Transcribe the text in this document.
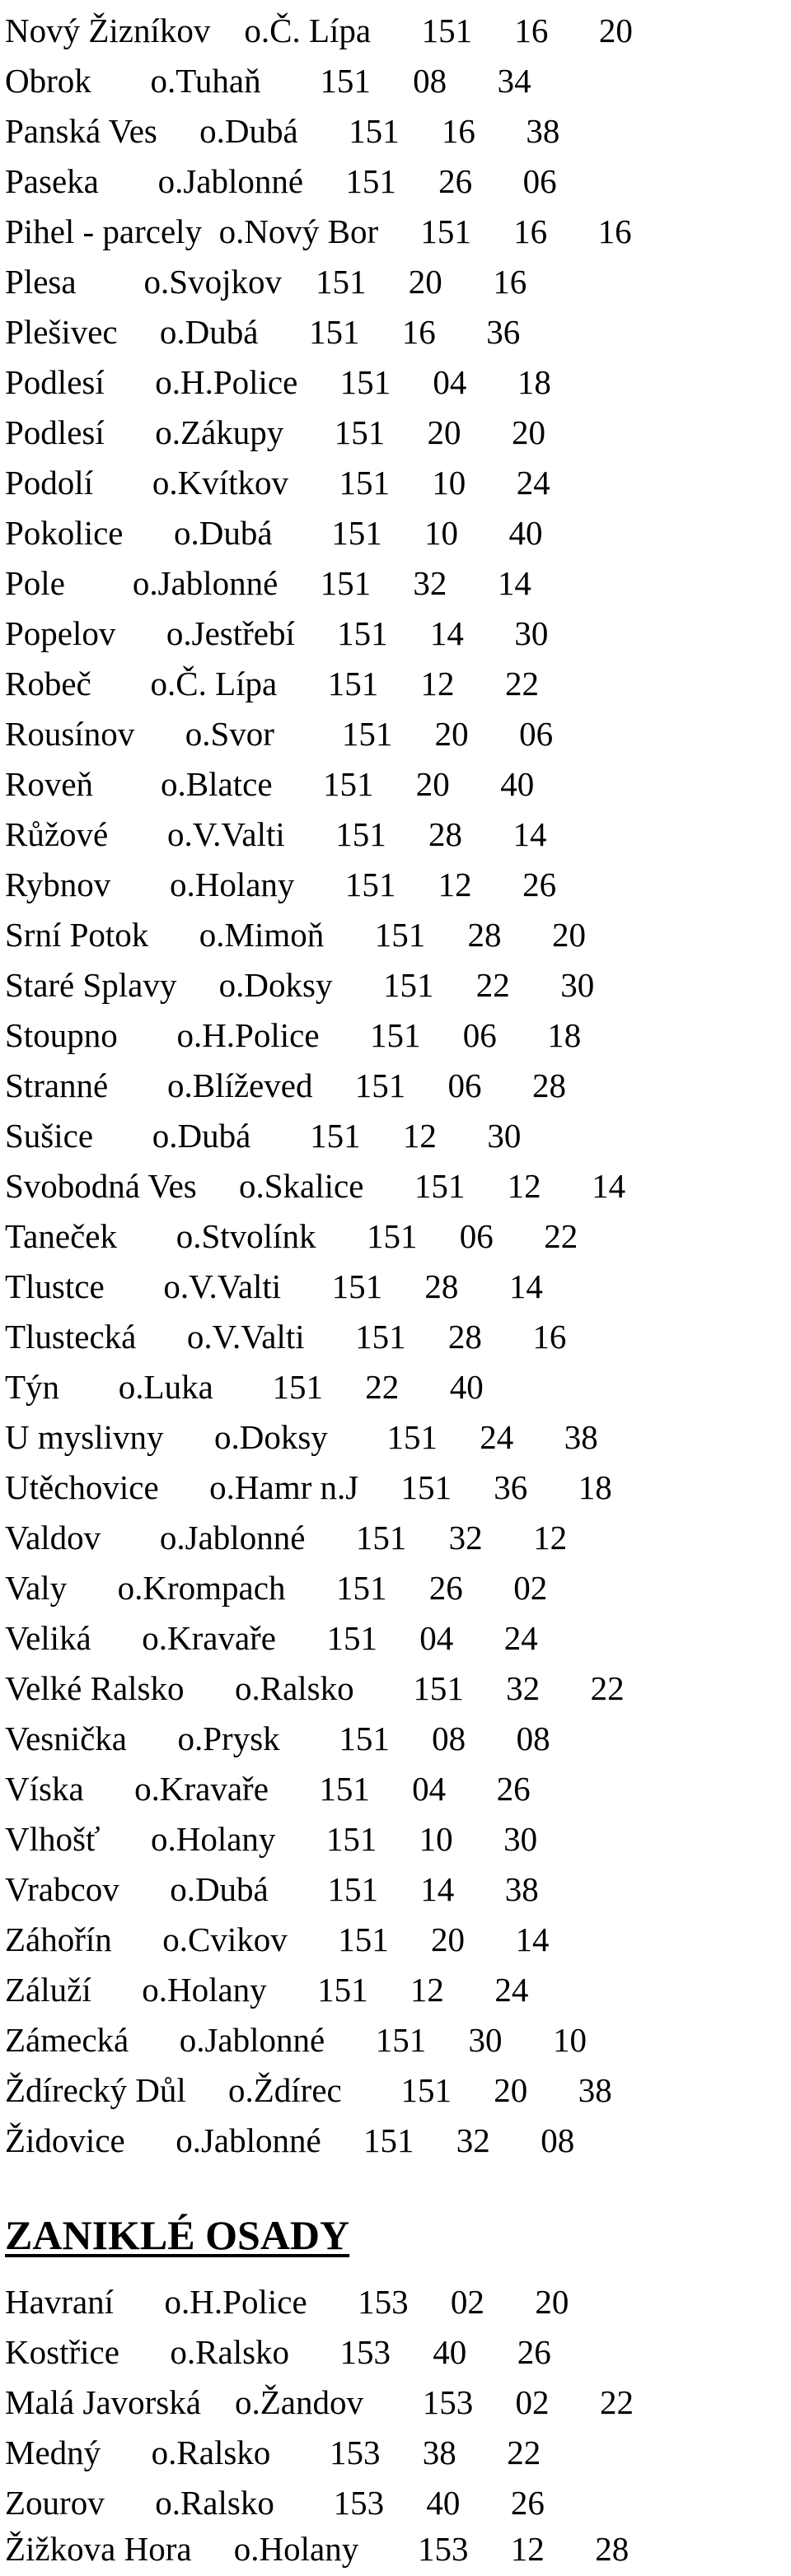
Nový Žizníkov    o.Č. Lípa      151     16      20
Obrok       o.Tuhaň       151     08      34
Panská Ves     o.Dubá      151     16      38
Paseka       o.Jablonné     151     26      06
Pihel - parcely  o.Nový Bor     151     16      16
Plesa        o.Svojkov    151     20      16
Plešivec     o.Dubá      151     16      36
Podlesí      o.H.Police     151     04      18
Podlesí      o.Zákupy      151     20      20
Podolí       o.Kvítkov      151     10      24
Pokolice      o.Dubá       151     10      40
Pole        o.Jablonné     151     32      14
Popelov      o.Jestřebí     151     14      30
Robeč       o.Č. Lípa      151     12      22
Rousínov      o.Svor        151     20      06
Roveň        o.Blatce      151     20      40
Růžové       o.V.Valti      151     28      14
Rybnov       o.Holany      151     12      26
Srní Potok      o.Mimoň      151     28      20
Staré Splavy     o.Doksy      151     22      30
Stoupno       o.H.Police      151     06      18
Stranné       o.Blíževed     151     06      28
Sušice       o.Dubá       151     12      30
Svobodná Ves     o.Skalice      151     12      14
Taneček       o.Stvolínk      151     06      22
Tlustce       o.V.Valti      151     28      14
Tlustecká      o.V.Valti      151     28      16
Týn       o.Luka       151     22      40
U myslivny      o.Doksy       151     24      38
Utěchovice      o.Hamr n.J     151     36      18
Valdov       o.Jablonné      151     32      12
Valy      o.Krompach      151     26      02
Veliká      o.Kravaře      151     04      24
Velké Ralsko      o.Ralsko       151     32      22
Vesnička      o.Prysk       151     08      08
Víska      o.Kravaře      151     04      26
Vlhošť      o.Holany      151     10      30
Vrabcov      o.Dubá       151     14      38
Záhořín      o.Cvikov      151     20      14
Záluží      o.Holany      151     12      24
Zámecká      o.Jablonné      151     30      10
Ždírecký Důl     o.Ždírec       151     20      38
Židovice      o.Jablonné     151     32      08
ZANIKLÉ OSADY
Havraní      o.H.Police      153     02      20
Kostřice      o.Ralsko      153     40      26
Malá Javorská    o.Žandov       153     02      22
Medný      o.Ralsko       153     38      22
Zourov      o.Ralsko       153     40      26
Žižkova Hora     o.Holany       153     12      28
